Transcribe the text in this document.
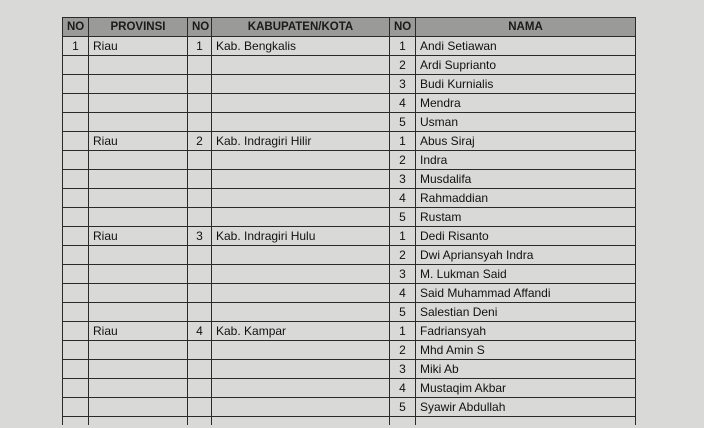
NO	PROVINSI	NO	KABUPATEN/KOTA	NO	NAMA
1	Riau	1	Kab. Bengkalis	1	Andi Setiawan
				2	Ardi Suprianto
				3	Budi Kurnialis
				4	Mendra
				5	Usman
	Riau	2	Kab. Indragiri Hilir	1	Abus Siraj
				2	Indra
				3	Musdalifa
				4	Rahmaddian
				5	Rustam
	Riau	3	Kab. Indragiri Hulu	1	Dedi Risanto
				2	Dwi Apriansyah Indra
				3	M. Lukman Said
				4	Said Muhammad Affandi
				5	Salestian Deni
	Riau	4	Kab. Kampar	1	Fadriansyah
				2	Mhd Amin S
				3	Miki Ab
				4	Mustaqim Akbar
				5	Syawir Abdullah
